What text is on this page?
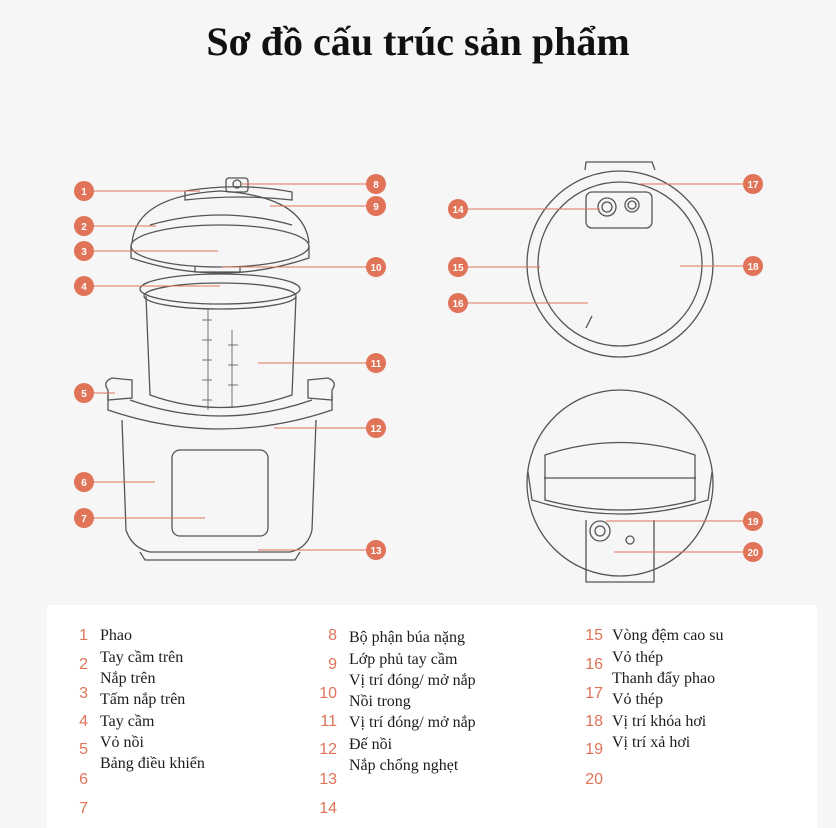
Sơ đồ cấu trúc sản phẩm
1
2
3
4
5
6
7
8
9
10
11
12
13
14
15
16
17
18
19
20
1
2
3
4
5
6
7
Phao
Tay cầm trên
Nắp trên
Tấm nắp trên
Tay cầm
Vỏ nồi
Bảng điều khiển
8
9
10
11
12
13
14
Bộ phận búa nặng
Lớp phủ tay cầm
Vị trí đóng/ mở nắp
Nồi trong
Vị trí đóng/ mở nắp
Đế nồi
Nắp chống nghẹt
15
16
17
18
19
20
Vòng đệm cao su
Vỏ thép
Thanh đẩy phao
Vỏ thép
Vị trí khóa hơi
Vị trí xả hơi
